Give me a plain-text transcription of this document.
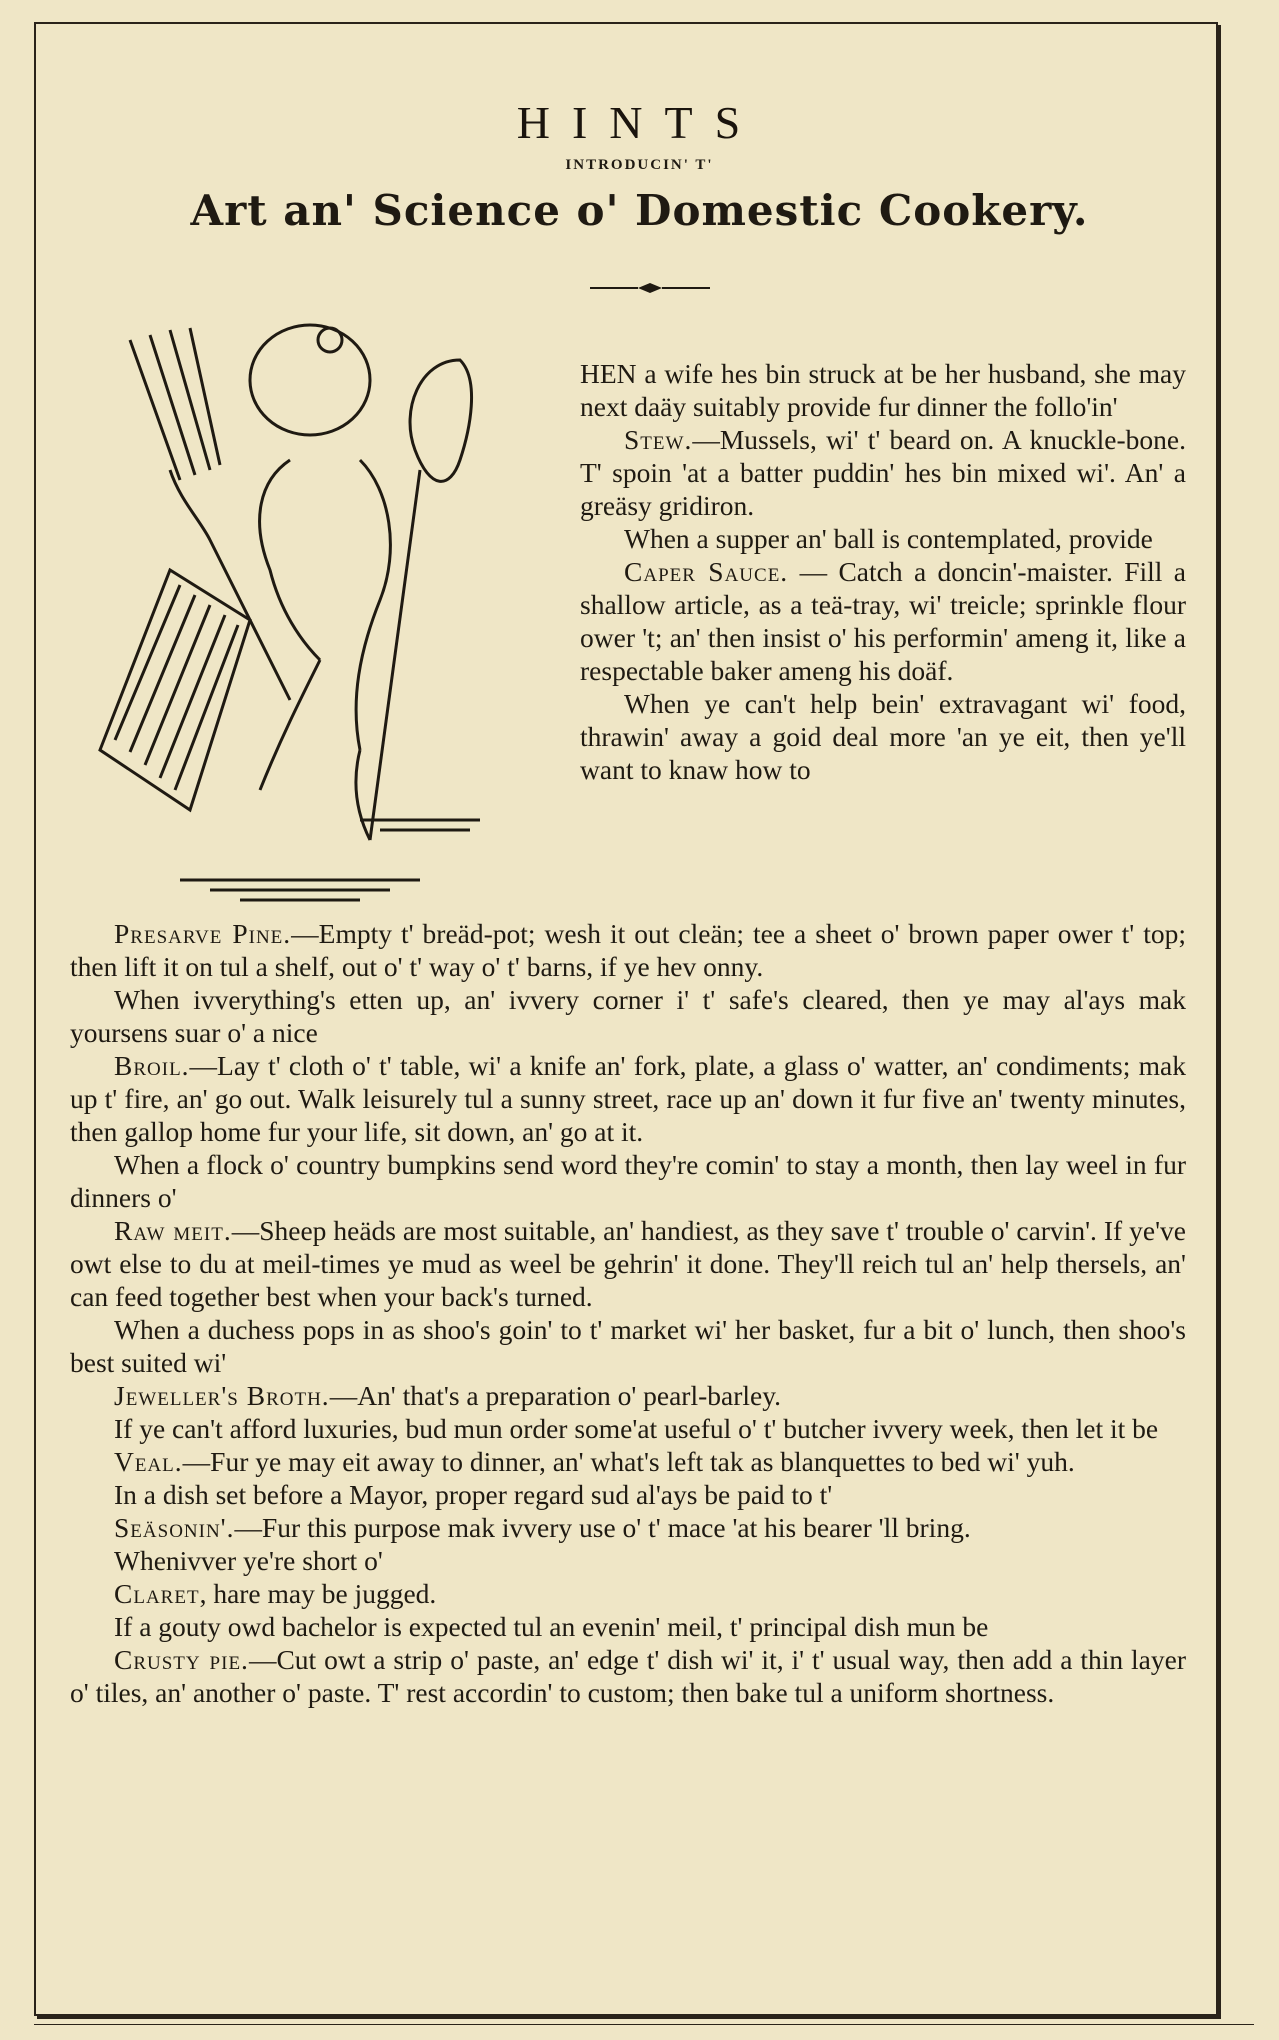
HINTS
INTRODUCIN' T'
Art an' Science o' Domestic Cookery.

HEN a wife hes bin struck at be her husband, she may next daäy suitably provide fur dinner the follo'in'

Stew.—Mussels, wi' t' beard on. A knuckle-bone. T' spoin 'at a batter puddin' hes bin mixed wi'. An' a greäsy gridiron.

When a supper an' ball is contemplated, provide

Caper Sauce. — Catch a doncin'-maister. Fill a shallow article, as a teä-tray, wi' treicle; sprinkle flour ower 't; an' then insist o' his performin' ameng it, like a respectable baker ameng his doäf.

When ye can't help bein' extravagant wi' food, thrawin' away a goid deal more 'an ye eit, then ye'll want to knaw how to

Presarve Pine.—Empty t' breäd-pot; wesh it out cleän; tee a sheet o' brown paper ower t' top; then lift it on tul a shelf, out o' t' way o' t' barns, if ye hev onny.

When ivverything's etten up, an' ivvery corner i' t' safe's cleared, then ye may al'ays mak yoursens suar o' a nice

Broil.—Lay t' cloth o' t' table, wi' a knife an' fork, plate, a glass o' watter, an' condiments; mak up t' fire, an' go out. Walk leisurely tul a sunny street, race up an' down it fur five an' twenty minutes, then gallop home fur your life, sit down, an' go at it.

When a flock o' country bumpkins send word they're comin' to stay a month, then lay weel in fur dinners o'

Raw meit.—Sheep heäds are most suitable, an' handiest, as they save t' trouble o' carvin'. If ye've owt else to du at meil-times ye mud as weel be gehrin' it done. They'll reich tul an' help thersels, an' can feed together best when your back's turned.

When a duchess pops in as shoo's goin' to t' market wi' her basket, fur a bit o' lunch, then shoo's best suited wi'

Jeweller's Broth.—An' that's a preparation o' pearl-barley.

If ye can't afford luxuries, bud mun order some'at useful o' t' butcher ivvery week, then let it be

Veal.—Fur ye may eit away to dinner, an' what's left tak as blanquettes to bed wi' yuh.

In a dish set before a Mayor, proper regard sud al'ays be paid to t'

Seäsonin'.—Fur this purpose mak ivvery use o' t' mace 'at his bearer 'll bring.

Whenivver ye're short o'

Claret, hare may be jugged.

If a gouty owd bachelor is expected tul an evenin' meil, t' principal dish mun be

Crusty pie.—Cut owt a strip o' paste, an' edge t' dish wi' it, i' t' usual way, then add a thin layer o' tiles, an' another o' paste. T' rest accordin' to custom; then bake tul a uniform shortness.
